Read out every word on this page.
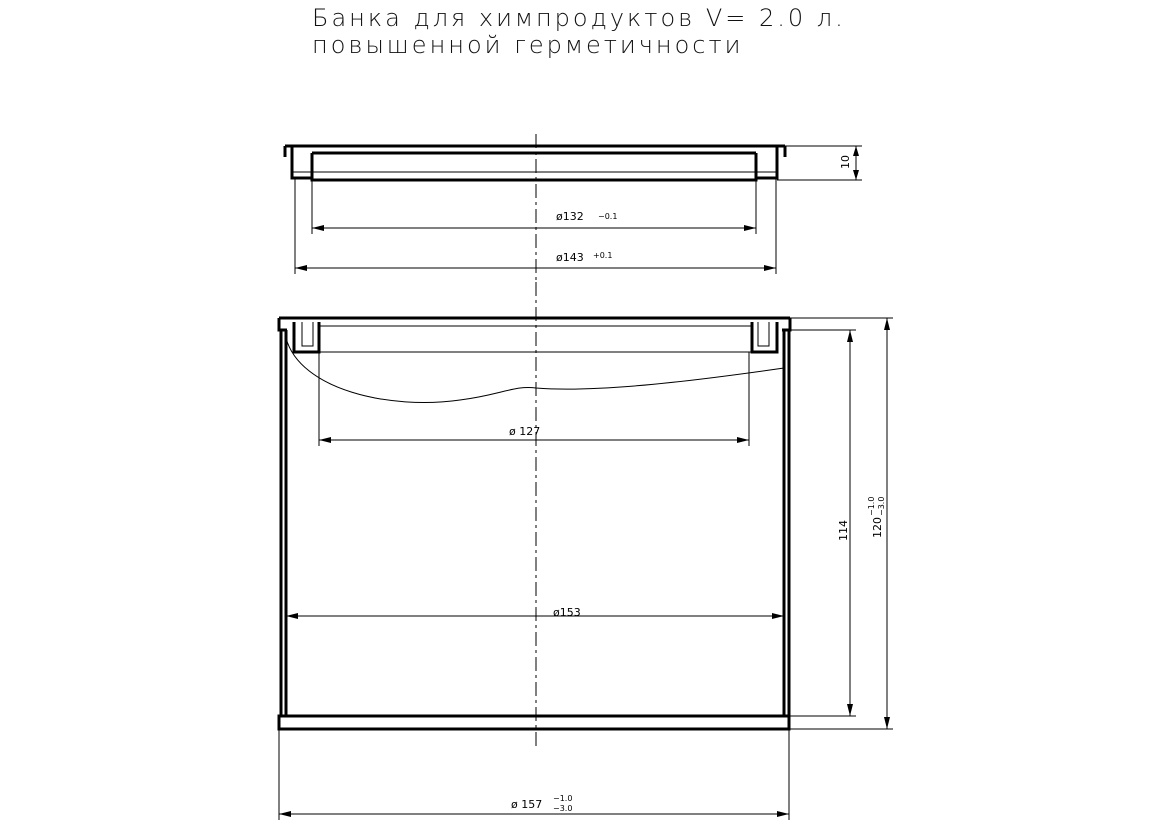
Банка для химпродуктов V= 2.0 л.
повышенной герметичности
10
ø132 −0.1
ø143 +0.1
ø 127
ø153
114 120
−1.0 −3.0
ø 157 −1.0
−3.0
